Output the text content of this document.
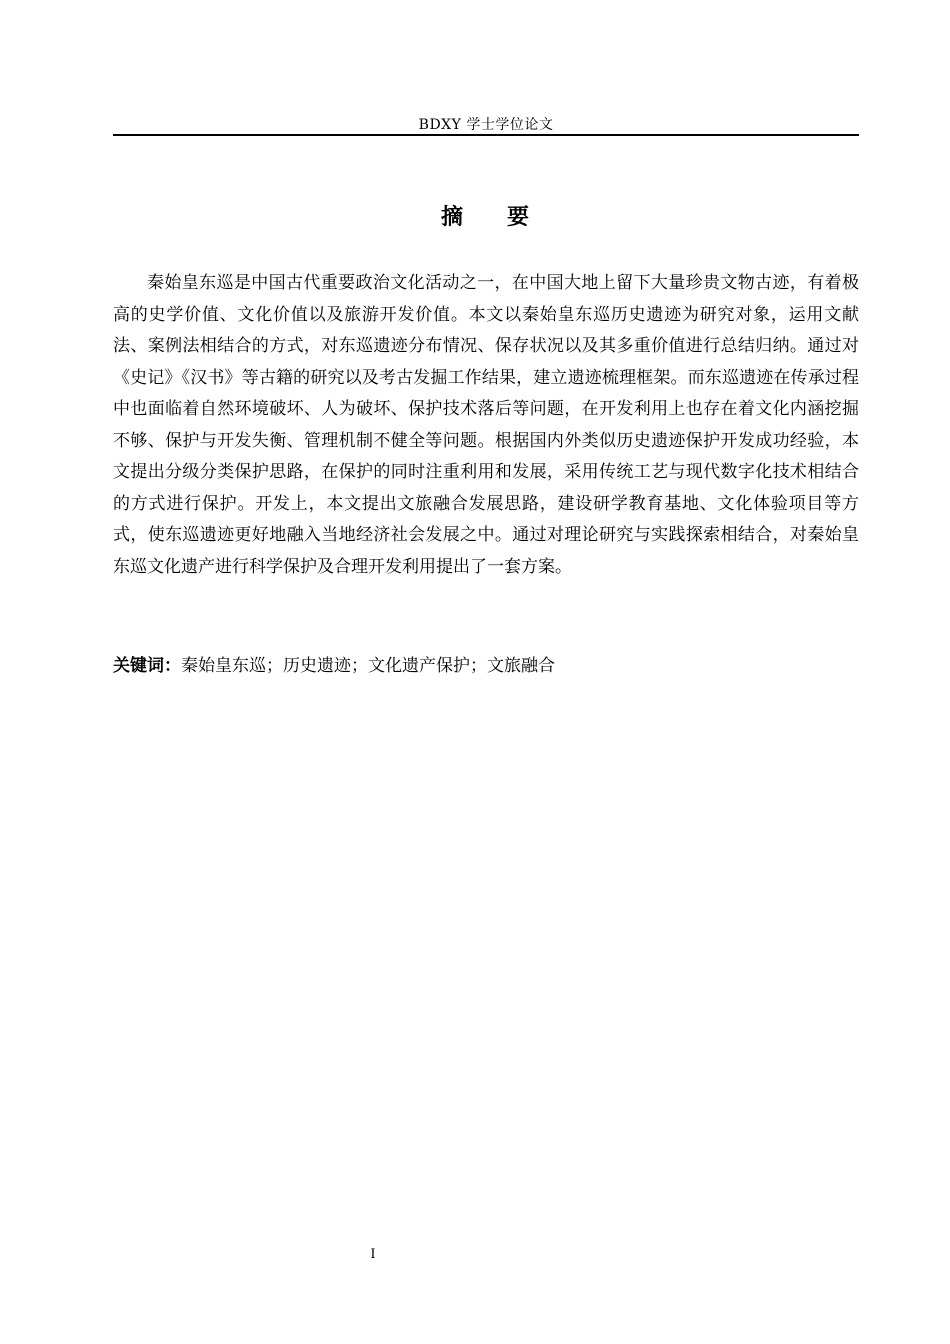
BDXY 学士学位论文
摘 要

秦始皇东巡是中国古代重要政治文化活动之一，在中国大地上留下大量珍贵文物古迹，有着极高的史学价值、文化价值以及旅游开发价值。本文以秦始皇东巡历史遗迹为研究对象，运用文献法、案例法相结合的方式，对东巡遗迹分布情况、保存状况以及其多重价值进行总结归纳。通过对《史记》《汉书》等古籍的研究以及考古发掘工作结果，建立遗迹梳理框架。而东巡遗迹在传承过程中也面临着自然环境破坏、人为破坏、保护技术落后等问题，在开发利用上也存在着文化内涵挖掘不够、保护与开发失衡、管理机制不健全等问题。根据国内外类似历史遗迹保护开发成功经验，本文提出分级分类保护思路，在保护的同时注重利用和发展，采用传统工艺与现代数字化技术相结合的方式进行保护。开发上，本文提出文旅融合发展思路，建设研学教育基地、文化体验项目等方式，使东巡遗迹更好地融入当地经济社会发展之中。通过对理论研究与实践探索相结合，对秦始皇东巡文化遗产进行科学保护及合理开发利用提出了一套方案。

关键词：秦始皇东巡；历史遗迹；文化遗产保护；文旅融合
I
